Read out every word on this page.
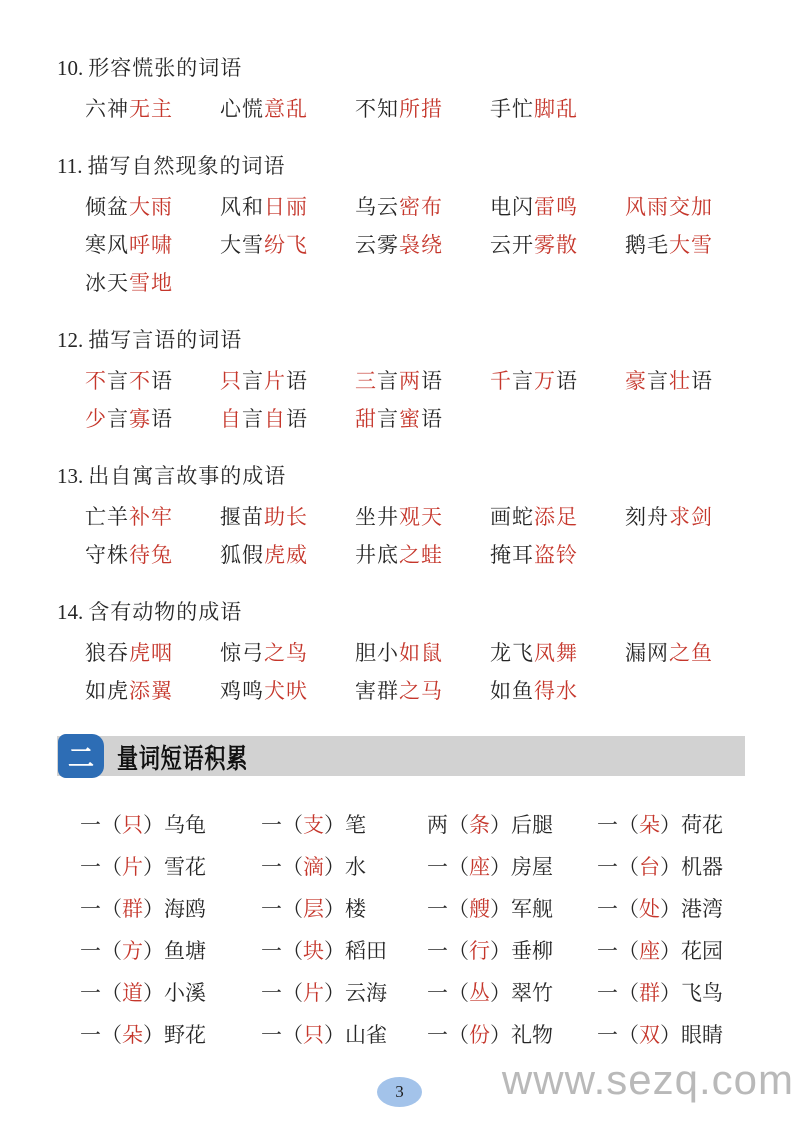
10. 形容慌张的词语
六神无主	心慌意乱	不知所措	手忙脚乱
11. 描写自然现象的词语
倾盆大雨	风和日丽	乌云密布	电闪雷鸣	风雨交加
寒风呼啸	大雪纷飞	云雾袅绕	云开雾散	鹅毛大雪
冰天雪地
12. 描写言语的词语
不言不语	只言片语	三言两语	千言万语	豪言壮语
少言寡语	自言自语	甜言蜜语
13. 出自寓言故事的成语
亡羊补牢	揠苗助长	坐井观天	画蛇添足	刻舟求剑
守株待兔	狐假虎威	井底之蛙	掩耳盗铃
14. 含有动物的成语
狼吞虎咽	惊弓之鸟	胆小如鼠	龙飞凤舞	漏网之鱼
如虎添翼	鸡鸣犬吠	害群之马	如鱼得水
二 量词短语积累
一（只）乌龟	一（支）笔	两（条）后腿	一（朵）荷花
一（片）雪花	一（滴）水	一（座）房屋	一（台）机器
一（群）海鸥	一（层）楼	一（艘）军舰	一（处）港湾
一（方）鱼塘	一（块）稻田	一（行）垂柳	一（座）花园
一（道）小溪	一（片）云海	一（丛）翠竹	一（群）飞鸟
一（朵）野花	一（只）山雀	一（份）礼物	一（双）眼睛
3 www.sezq.com
